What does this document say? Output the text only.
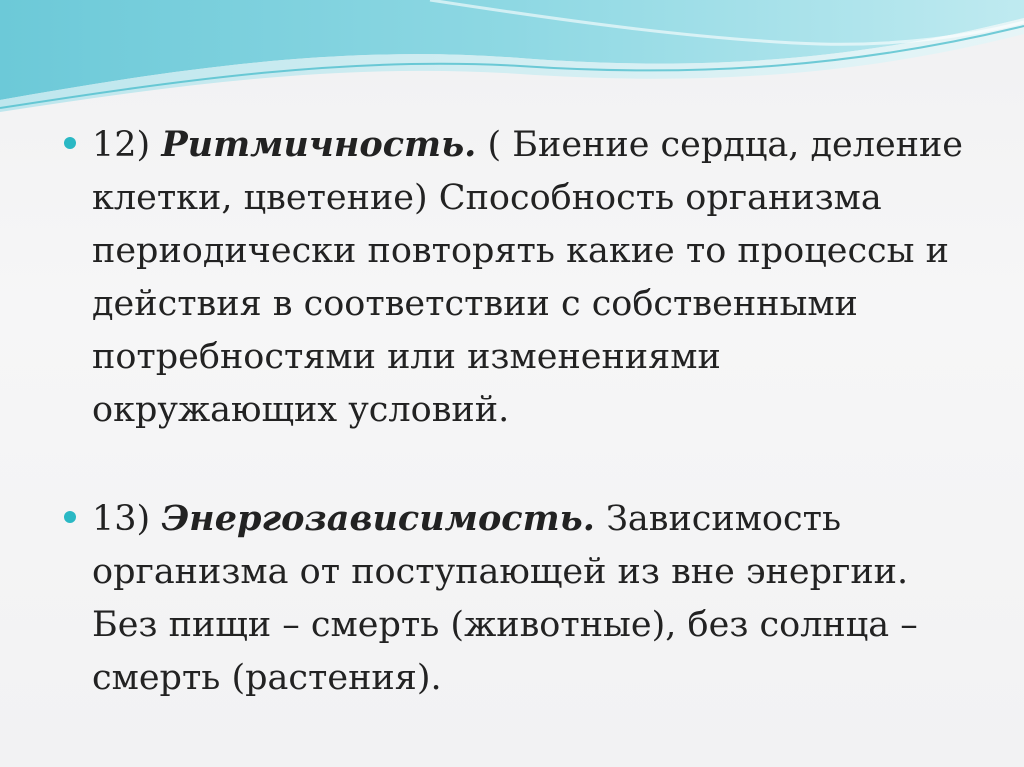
12) Ритмичность. ( Биение сердца, деление клетки, цветение) Способность организма периодически повторять какие то процессы и действия в соответствии с собственными потребностями или изменениями окружающих условий.
13) Энергозависимость. Зависимость организма от поступающей из вне энергии. Без пищи – смерть (животные), без солнца – смерть (растения).
